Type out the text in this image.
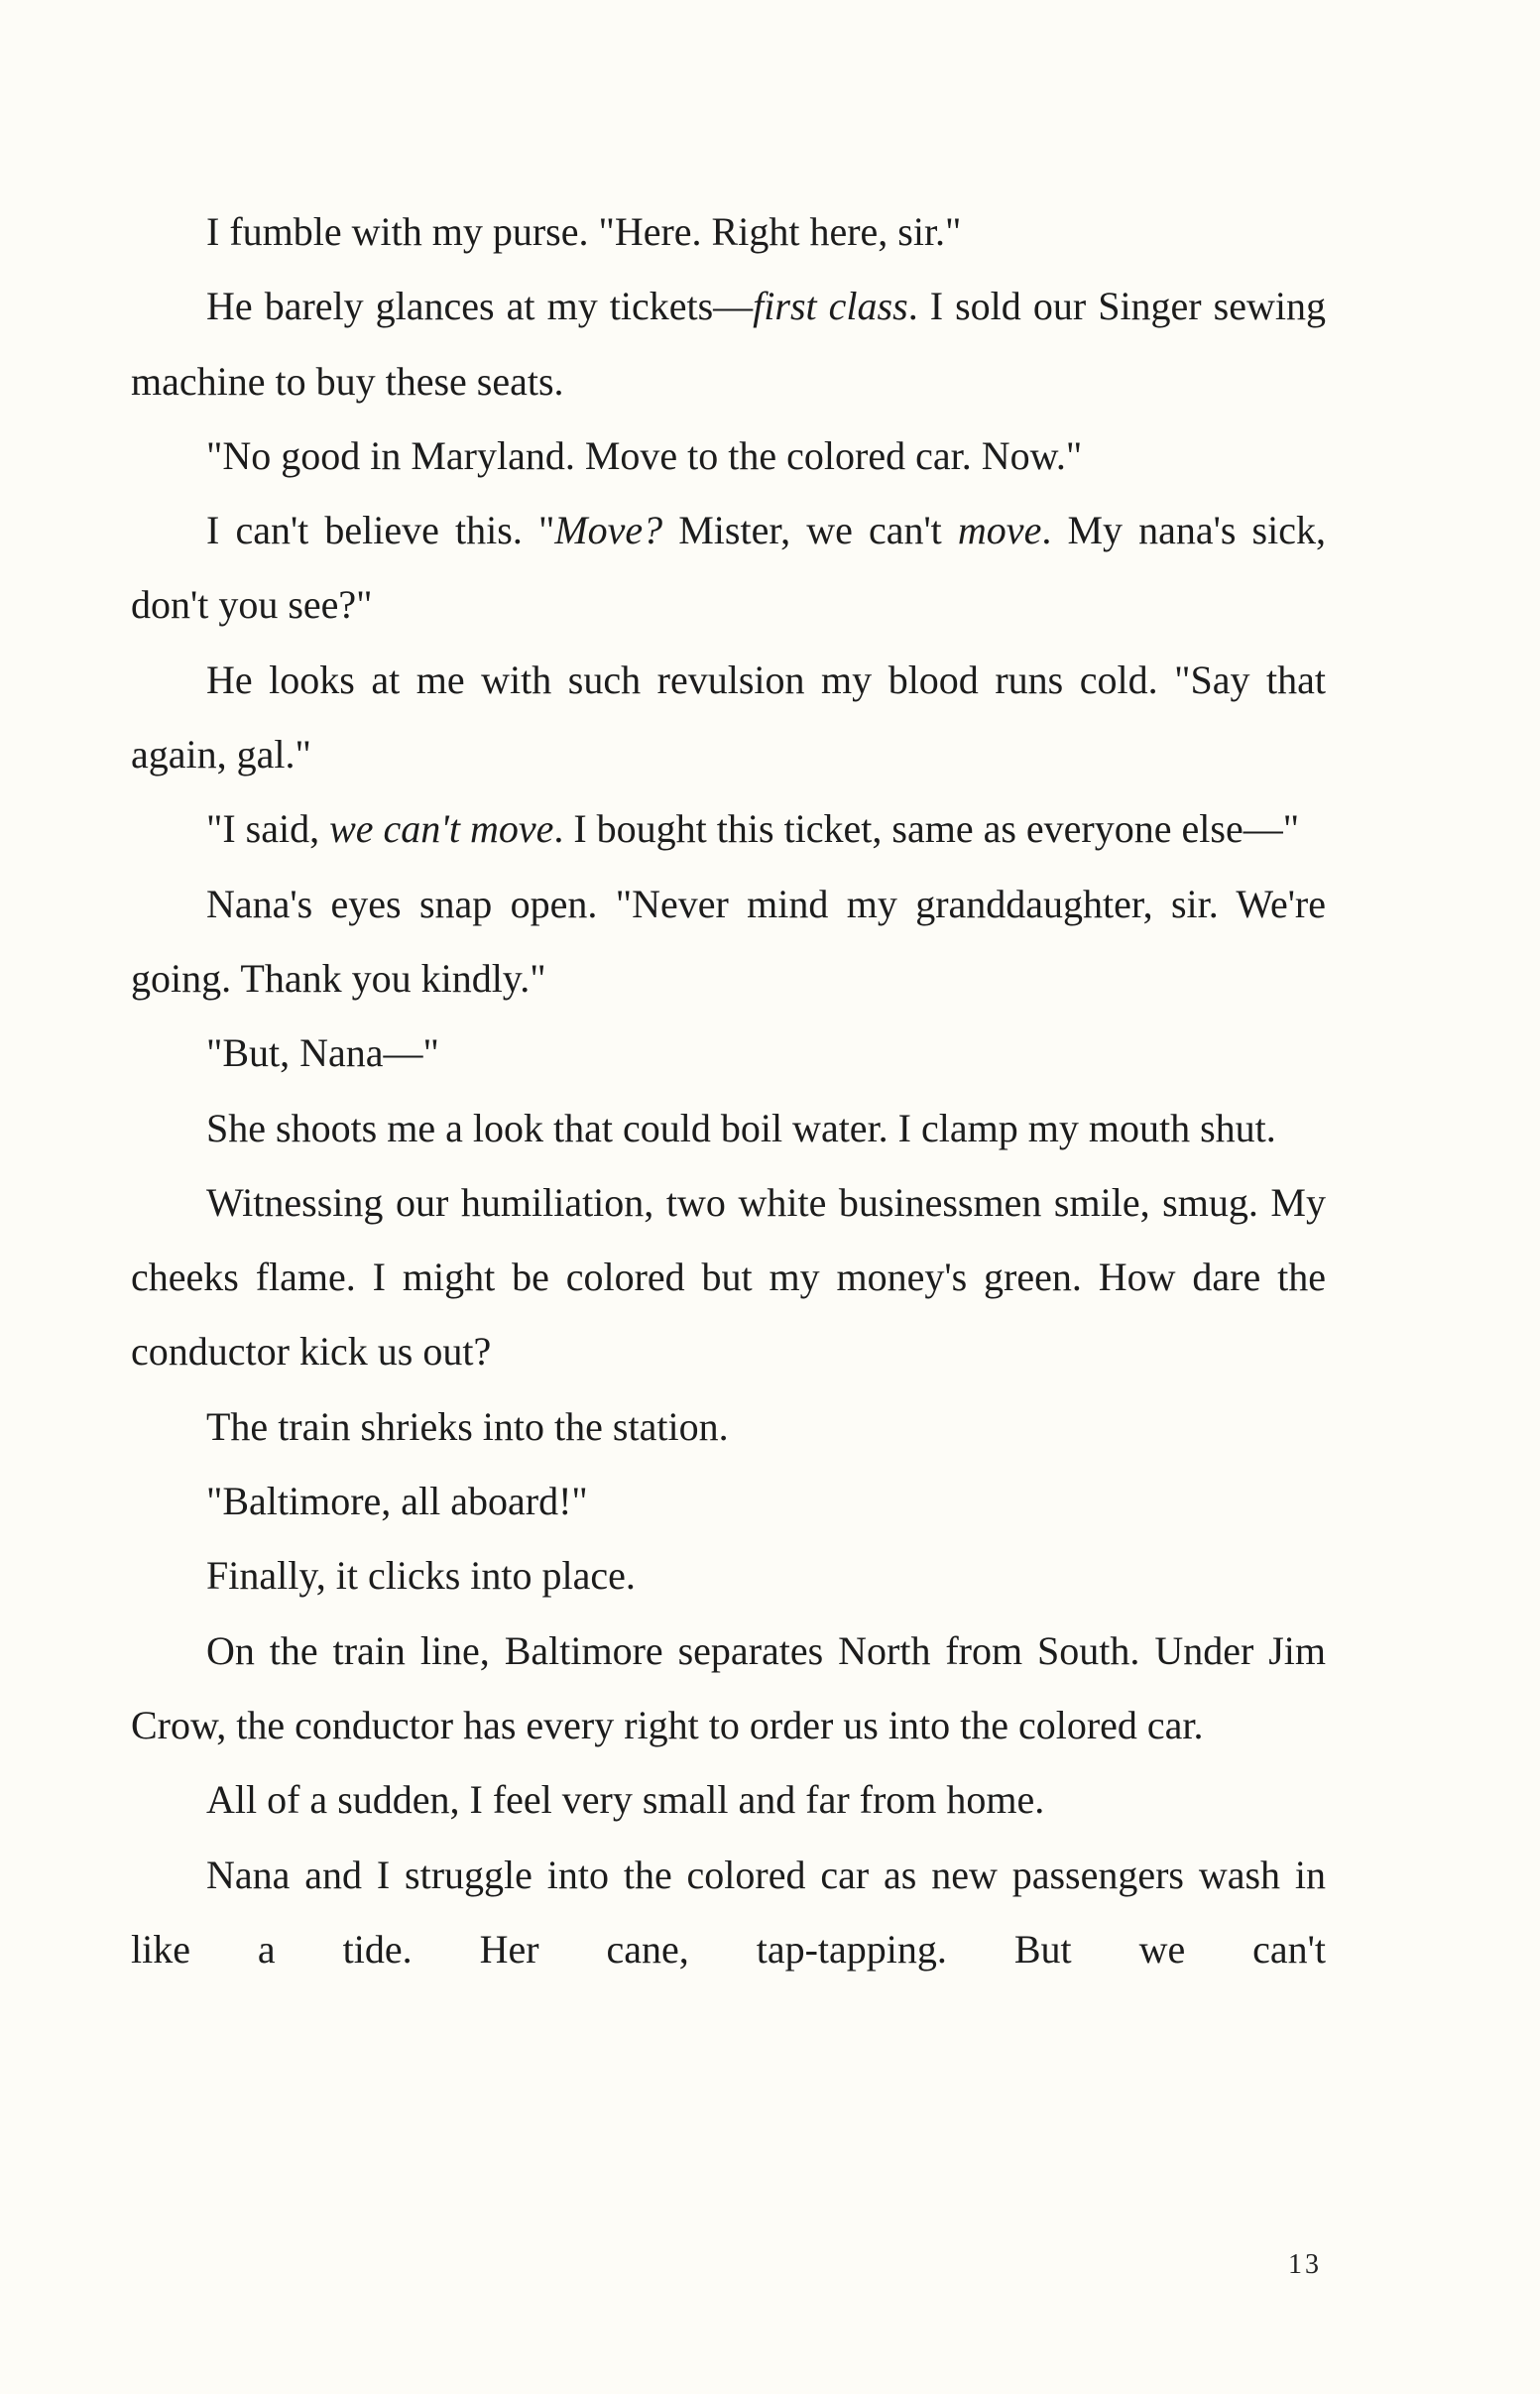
I fumble with my purse. "Here. Right here, sir."

He barely glances at my tickets—first class. I sold our Singer sewing machine to buy these seats.

"No good in Maryland. Move to the colored car. Now."

I can't believe this. "Move? Mister, we can't move. My nana's sick, don't you see?"

He looks at me with such revulsion my blood runs cold. "Say that again, gal."

"I said, we can't move. I bought this ticket, same as everyone else—"

Nana's eyes snap open. "Never mind my granddaughter, sir. We're going. Thank you kindly."

"But, Nana—"

She shoots me a look that could boil water. I clamp my mouth shut.

Witnessing our humiliation, two white businessmen smile, smug. My cheeks flame. I might be colored but my money's green. How dare the conductor kick us out?

The train shrieks into the station.

"Baltimore, all aboard!"

Finally, it clicks into place.

On the train line, Baltimore separates North from South. Under Jim Crow, the conductor has every right to order us into the colored car.

All of a sudden, I feel very small and far from home.

Nana and I struggle into the colored car as new passengers wash in like a tide. Her cane, tap-tapping. But we can't

13
